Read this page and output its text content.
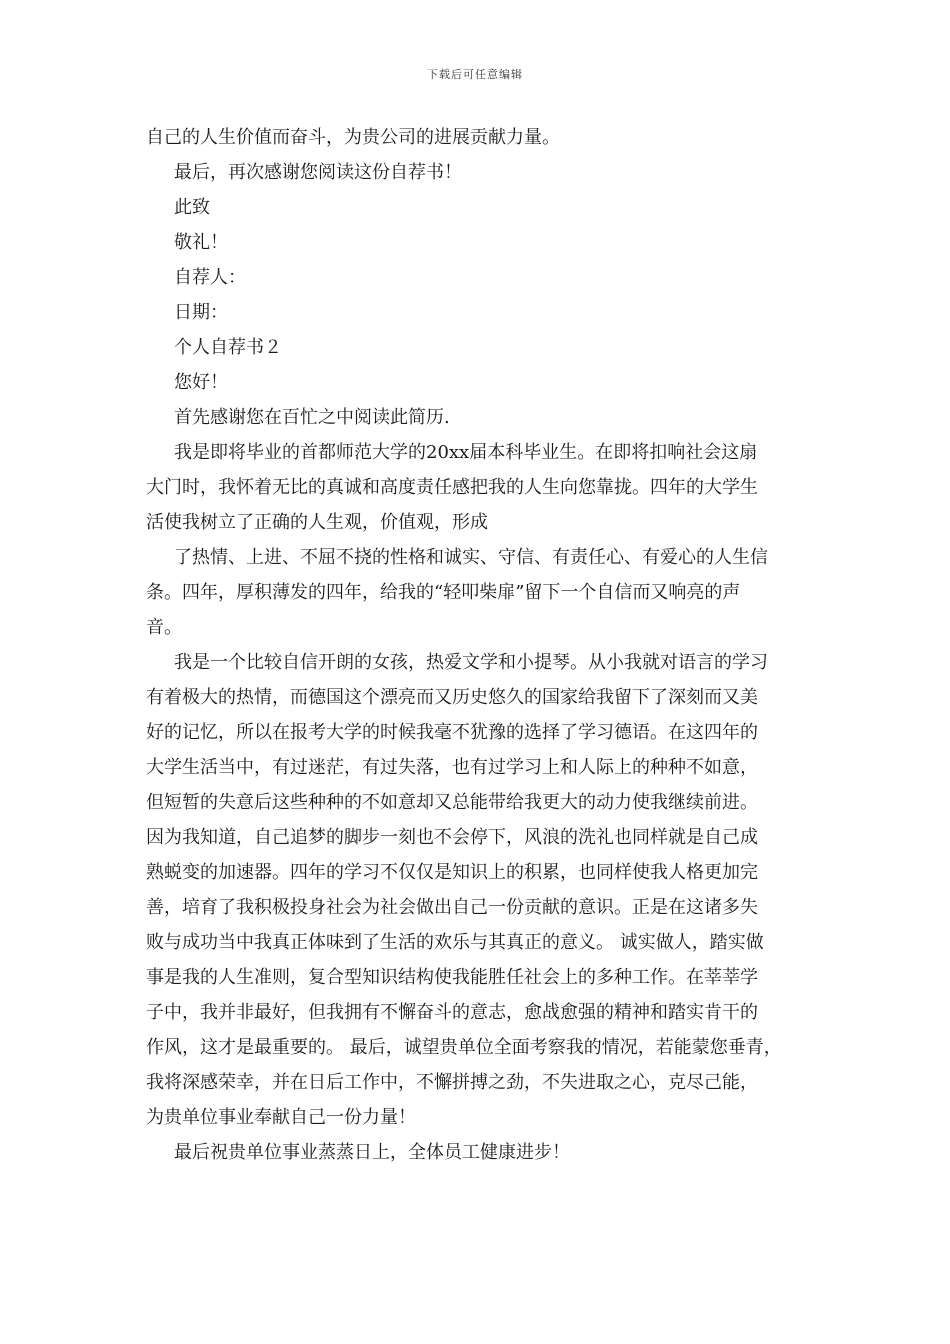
下载后可任意编辑
自己的人生价值而奋斗，为贵公司的进展贡献力量。
最后，再次感谢您阅读这份自荐书！
此致
敬礼！
自荐人：
日期：
个人自荐书２
您好！
首先感谢您在百忙之中阅读此简历.
我是即将毕业的首都师范大学的20xx届本科毕业生。在即将扣响社会这扇
大门时，我怀着无比的真诚和高度责任感把我的人生向您靠拢。四年的大学生
活使我树立了正确的人生观，价值观，形成
了热情、上进、不屈不挠的性格和诚实、守信、有责任心、有爱心的人生信
条。四年，厚积薄发的四年，给我的“轻叩柴扉”留下一个自信而又响亮的声
音。
我是一个比较自信开朗的女孩，热爱文学和小提琴。从小我就对语言的学习
有着极大的热情，而德国这个漂亮而又历史悠久的国家给我留下了深刻而又美
好的记忆，所以在报考大学的时候我毫不犹豫的选择了学习德语。在这四年的
大学生活当中，有过迷茫，有过失落，也有过学习上和人际上的种种不如意，
但短暂的失意后这些种种的不如意却又总能带给我更大的动力使我继续前进。
因为我知道，自己追梦的脚步一刻也不会停下，风浪的洗礼也同样就是自己成
熟蜕变的加速器。四年的学习不仅仅是知识上的积累，也同样使我人格更加完
善，培育了我积极投身社会为社会做出自己一份贡献的意识。正是在这诸多失
败与成功当中我真正体味到了生活的欢乐与其真正的意义。 诚实做人，踏实做
事是我的人生准则，复合型知识结构使我能胜任社会上的多种工作。在莘莘学
子中，我并非最好，但我拥有不懈奋斗的意志，愈战愈强的精神和踏实肯干的
作风，这才是最重要的。 最后，诚望贵单位全面考察我的情况，若能蒙您垂青，
我将深感荣幸，并在日后工作中，不懈拼搏之劲，不失进取之心，克尽己能，
为贵单位事业奉献自己一份力量！
最后祝贵单位事业蒸蒸日上，全体员工健康进步！
